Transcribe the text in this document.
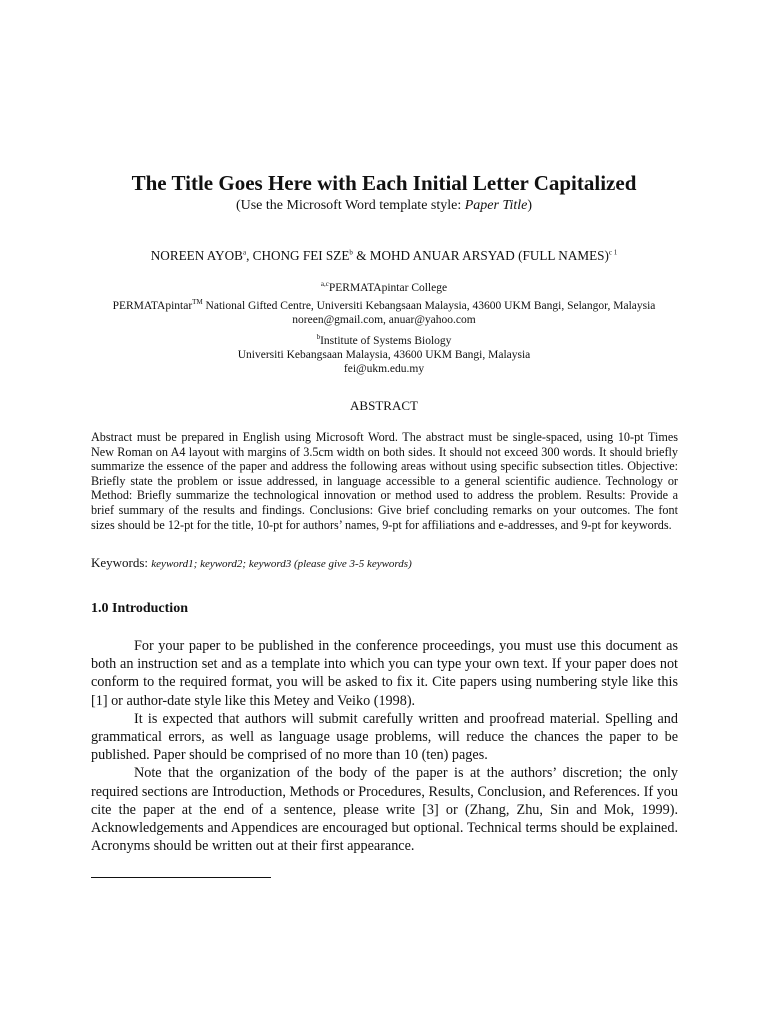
The Title Goes Here with Each Initial Letter Capitalized
(Use the Microsoft Word template style: Paper Title)
NOREEN AYOB$^a$, CHONG FEI SZE$^b$ & MOHD ANUAR ARSYAD (FULL NAMES)$^{c 1}$
$^{a,c}$PERMATApintar College
PERMATApintar™ National Gifted Centre, Universiti Kebangsaan Malaysia, 43600 UKM Bangi, Selangor, Malaysia
noreen@gmail.com, anuar@yahoo.com
$^b$Institute of Systems Biology
Universiti Kebangsaan Malaysia, 43600 UKM Bangi, Malaysia
fei@ukm.edu.my
ABSTRACT
Abstract must be prepared in English using Microsoft Word. The abstract must be single-spaced, using 10-pt Times New Roman on A4 layout with margins of 3.5cm width on both sides. It should not exceed 300 words. It should briefly summarize the essence of the paper and address the following areas without using specific subsection titles. Objective: Briefly state the problem or issue addressed, in language accessible to a general scientific audience. Technology or Method: Briefly summarize the technological innovation or method used to address the problem. Results: Provide a brief summary of the results and findings. Conclusions: Give brief concluding remarks on your outcomes. The font sizes should be 12-pt for the title, 10-pt for authors’ names, 9-pt for affiliations and e-addresses, and 9-pt for keywords.
Keywords: keyword1; keyword2; keyword3 (please give 3-5 keywords)
1.0 Introduction

For your paper to be published in the conference proceedings, you must use this document as both an instruction set and as a template into which you can type your own text. If your paper does not conform to the required format, you will be asked to fix it. Cite papers using numbering style like this [1] or author-date style like this Metey and Veiko (1998).

It is expected that authors will submit carefully written and proofread material. Spelling and grammatical errors, as well as language usage problems, will reduce the chances the paper to be published. Paper should be comprised of no more than 10 (ten) pages.

Note that the organization of the body of the paper is at the authors’ discretion; the only required sections are Introduction, Methods or Procedures, Results, Conclusion, and References. If you cite the paper at the end of a sentence, please write [3] or (Zhang, Zhu, Sin and Mok, 1999). Acknowledgements and Appendices are encouraged but optional. Technical terms should be explained. Acronyms should be written out at their first appearance.
